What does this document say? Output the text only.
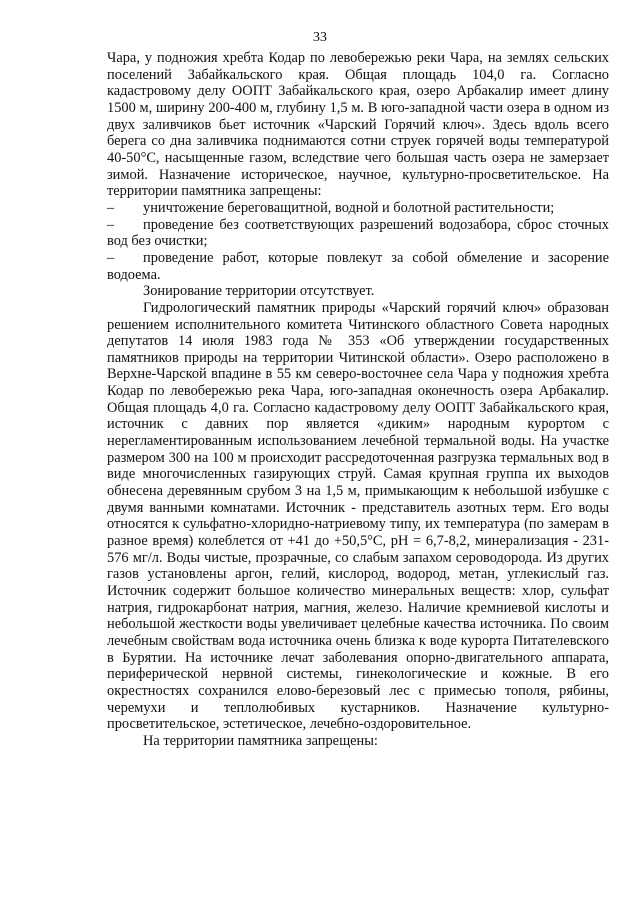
33

Чара, у подножия хребта Кодар по левобережью реки Чара, на землях сельских поселений Забайкальского края. Общая площадь 104,0 га. Согласно кадастровому делу ООПТ Забайкальского края, озеро Арбакалир имеет длину 1500 м, ширину 200-400 м, глубину 1,5 м. В юго-западной части озера в одном из двух заливчиков бьет источник «Чарский Горячий ключ». Здесь вдоль всего берега со дна заливчика поднимаются сотни струек горячей воды температурой 40-50°С, насыщенные газом, вследствие чего большая часть озера не замерзает зимой. Назначение историческое, научное, культурно-просветительское. На территории памятника запрещены:

– уничтожение береговащитной, водной и болотной растительности;

– проведение без соответствующих разрешений водозабора, сброс сточных вод без очистки;

– проведение работ, которые повлекут за собой обмеление и засорение водоема.

Зонирование территории отсутствует.

Гидрологический памятник природы «Чарский горячий ключ» образован решением исполнительного комитета Читинского областного Совета народных депутатов 14 июля 1983 года № 353 «Об утверждении государственных памятников природы на территории Читинской области». Озеро расположено в Верхне-Чарской впадине в 55 км северо-восточнее села Чара у подножия хребта Кодар по левобережью река Чара, юго-западная оконечность озера Арбакалир. Общая площадь 4,0 га. Согласно кадастровому делу ООПТ Забайкальского края, источник с давних пор является «диким» народным курортом с нерегламентированным использованием лечебной термальной воды. На участке размером 300 на 100 м происходит рассредоточенная разгрузка термальных вод в виде многочисленных газирующих струй. Самая крупная группа их выходов обнесена деревянным срубом 3 на 1,5 м, примыкающим к небольшой избушке с двумя ванными комнатами. Источник - представитель азотных терм. Его воды относятся к сульфатно-хлоридно-натриевому типу, их температура (по замерам в разное время) колеблется от +41 до +50,5°С, pH = 6,7-8,2, минерализация - 231-576 мг/л. Воды чистые, прозрачные, со слабым запахом сероводорода. Из других газов установлены аргон, гелий, кислород, водород, метан, углекислый газ. Источник содержит большое количество минеральных веществ: хлор, сульфат натрия, гидрокарбонат натрия, магния, железо. Наличие кремниевой кислоты и небольшой жесткости воды увеличивает целебные качества источника. По своим лечебным свойствам вода источника очень близка к воде курорта Питателевского в Бурятии. На источнике лечат заболевания опорно-двигательного аппарата, периферической нервной системы, гинекологические и кожные. В его окрестностях сохранился елово-березовый лес с примесью тополя, рябины, черемухи и теплолюбивых кустарников. Назначение культурно-просветительское, эстетическое, лечебно-оздоровительное.

На территории памятника запрещены:
